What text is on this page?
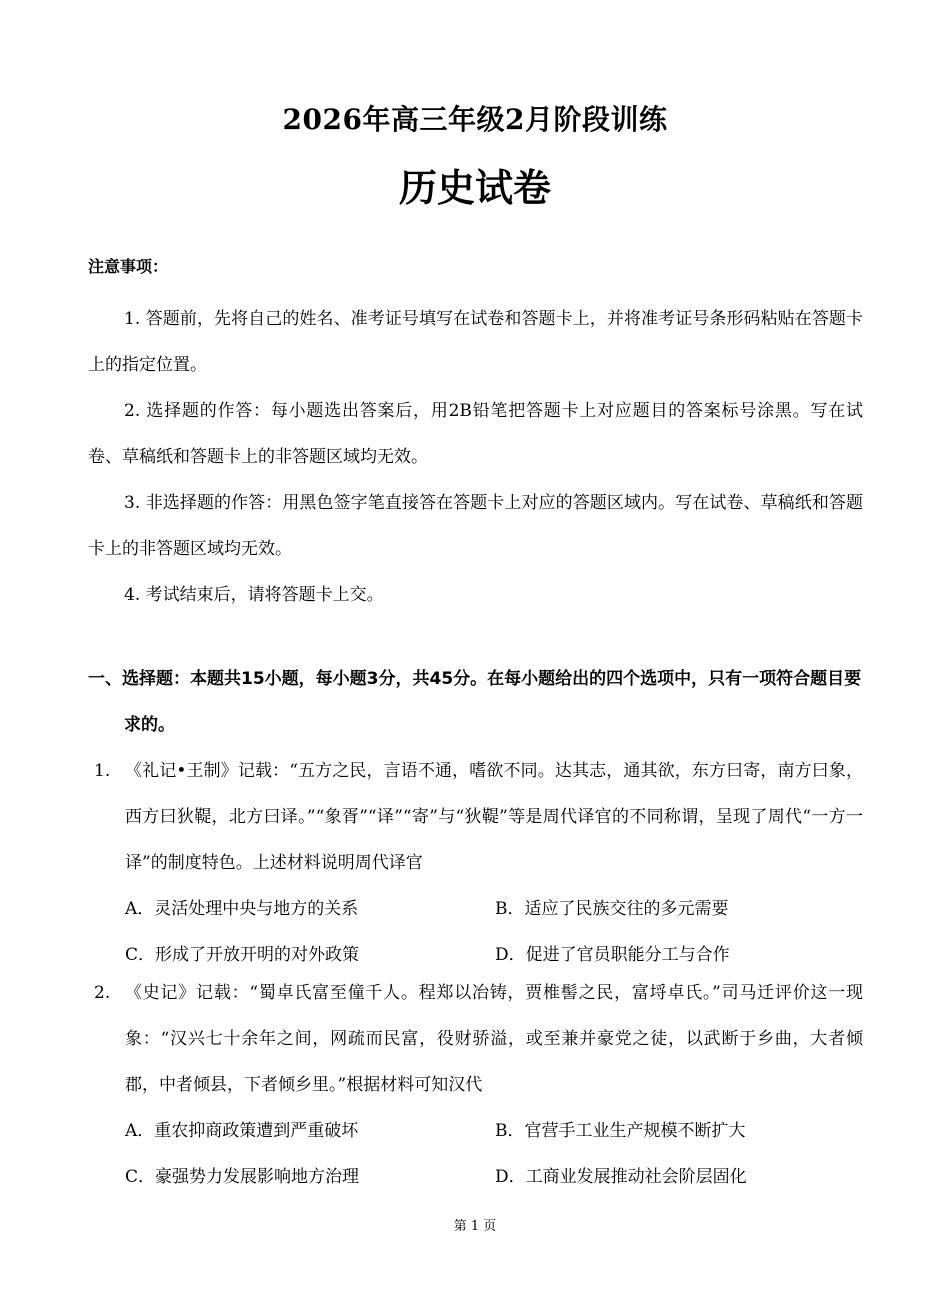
2026年高三年级2月阶段训练
历史试卷
注意事项：
1. 答题前，先将自己的姓名、准考证号填写在试卷和答题卡上，并将准考证号条形码粘贴在答题卡上的指定位置。
2. 选择题的作答：每小题选出答案后，用2B铅笔把答题卡上对应题目的答案标号涂黑。写在试卷、草稿纸和答题卡上的非答题区域均无效。
3. 非选择题的作答：用黑色签字笔直接答在答题卡上对应的答题区域内。写在试卷、草稿纸和答题卡上的非答题区域均无效。
4. 考试结束后，请将答题卡上交。

一、选择题：本题共15小题，每小题3分，共45分。在每小题给出的四个选项中，只有一项符合题目要求的。

1. 《礼记•王制》记载：“五方之民，言语不通，嗜欲不同。达其志，通其欲，东方曰寄，南方曰象，西方曰狄鞮，北方曰译。”“象胥”“译”“寄”与“狄鞮”等是周代译官的不同称谓，呈现了周代“一方一译”的制度特色。上述材料说明周代译官

A．灵活处理中央与地方的关系	B．适应了民族交往的多元需要
C．形成了开放开明的对外政策	D．促进了官员职能分工与合作

2. 《史记》记载：“蜀卓氏富至僮千人。程郑以冶铸，贾椎髻之民，富埒卓氏。”司马迁评价这一现象：“汉兴七十余年之间，网疏而民富，役财骄溢，或至兼并豪党之徒，以武断于乡曲，大者倾郡，中者倾县，下者倾乡里。”根据材料可知汉代

A．重农抑商政策遭到严重破坏	B．官营手工业生产规模不断扩大
C．豪强势力发展影响地方治理	D．工商业发展推动社会阶层固化
第 1 页
